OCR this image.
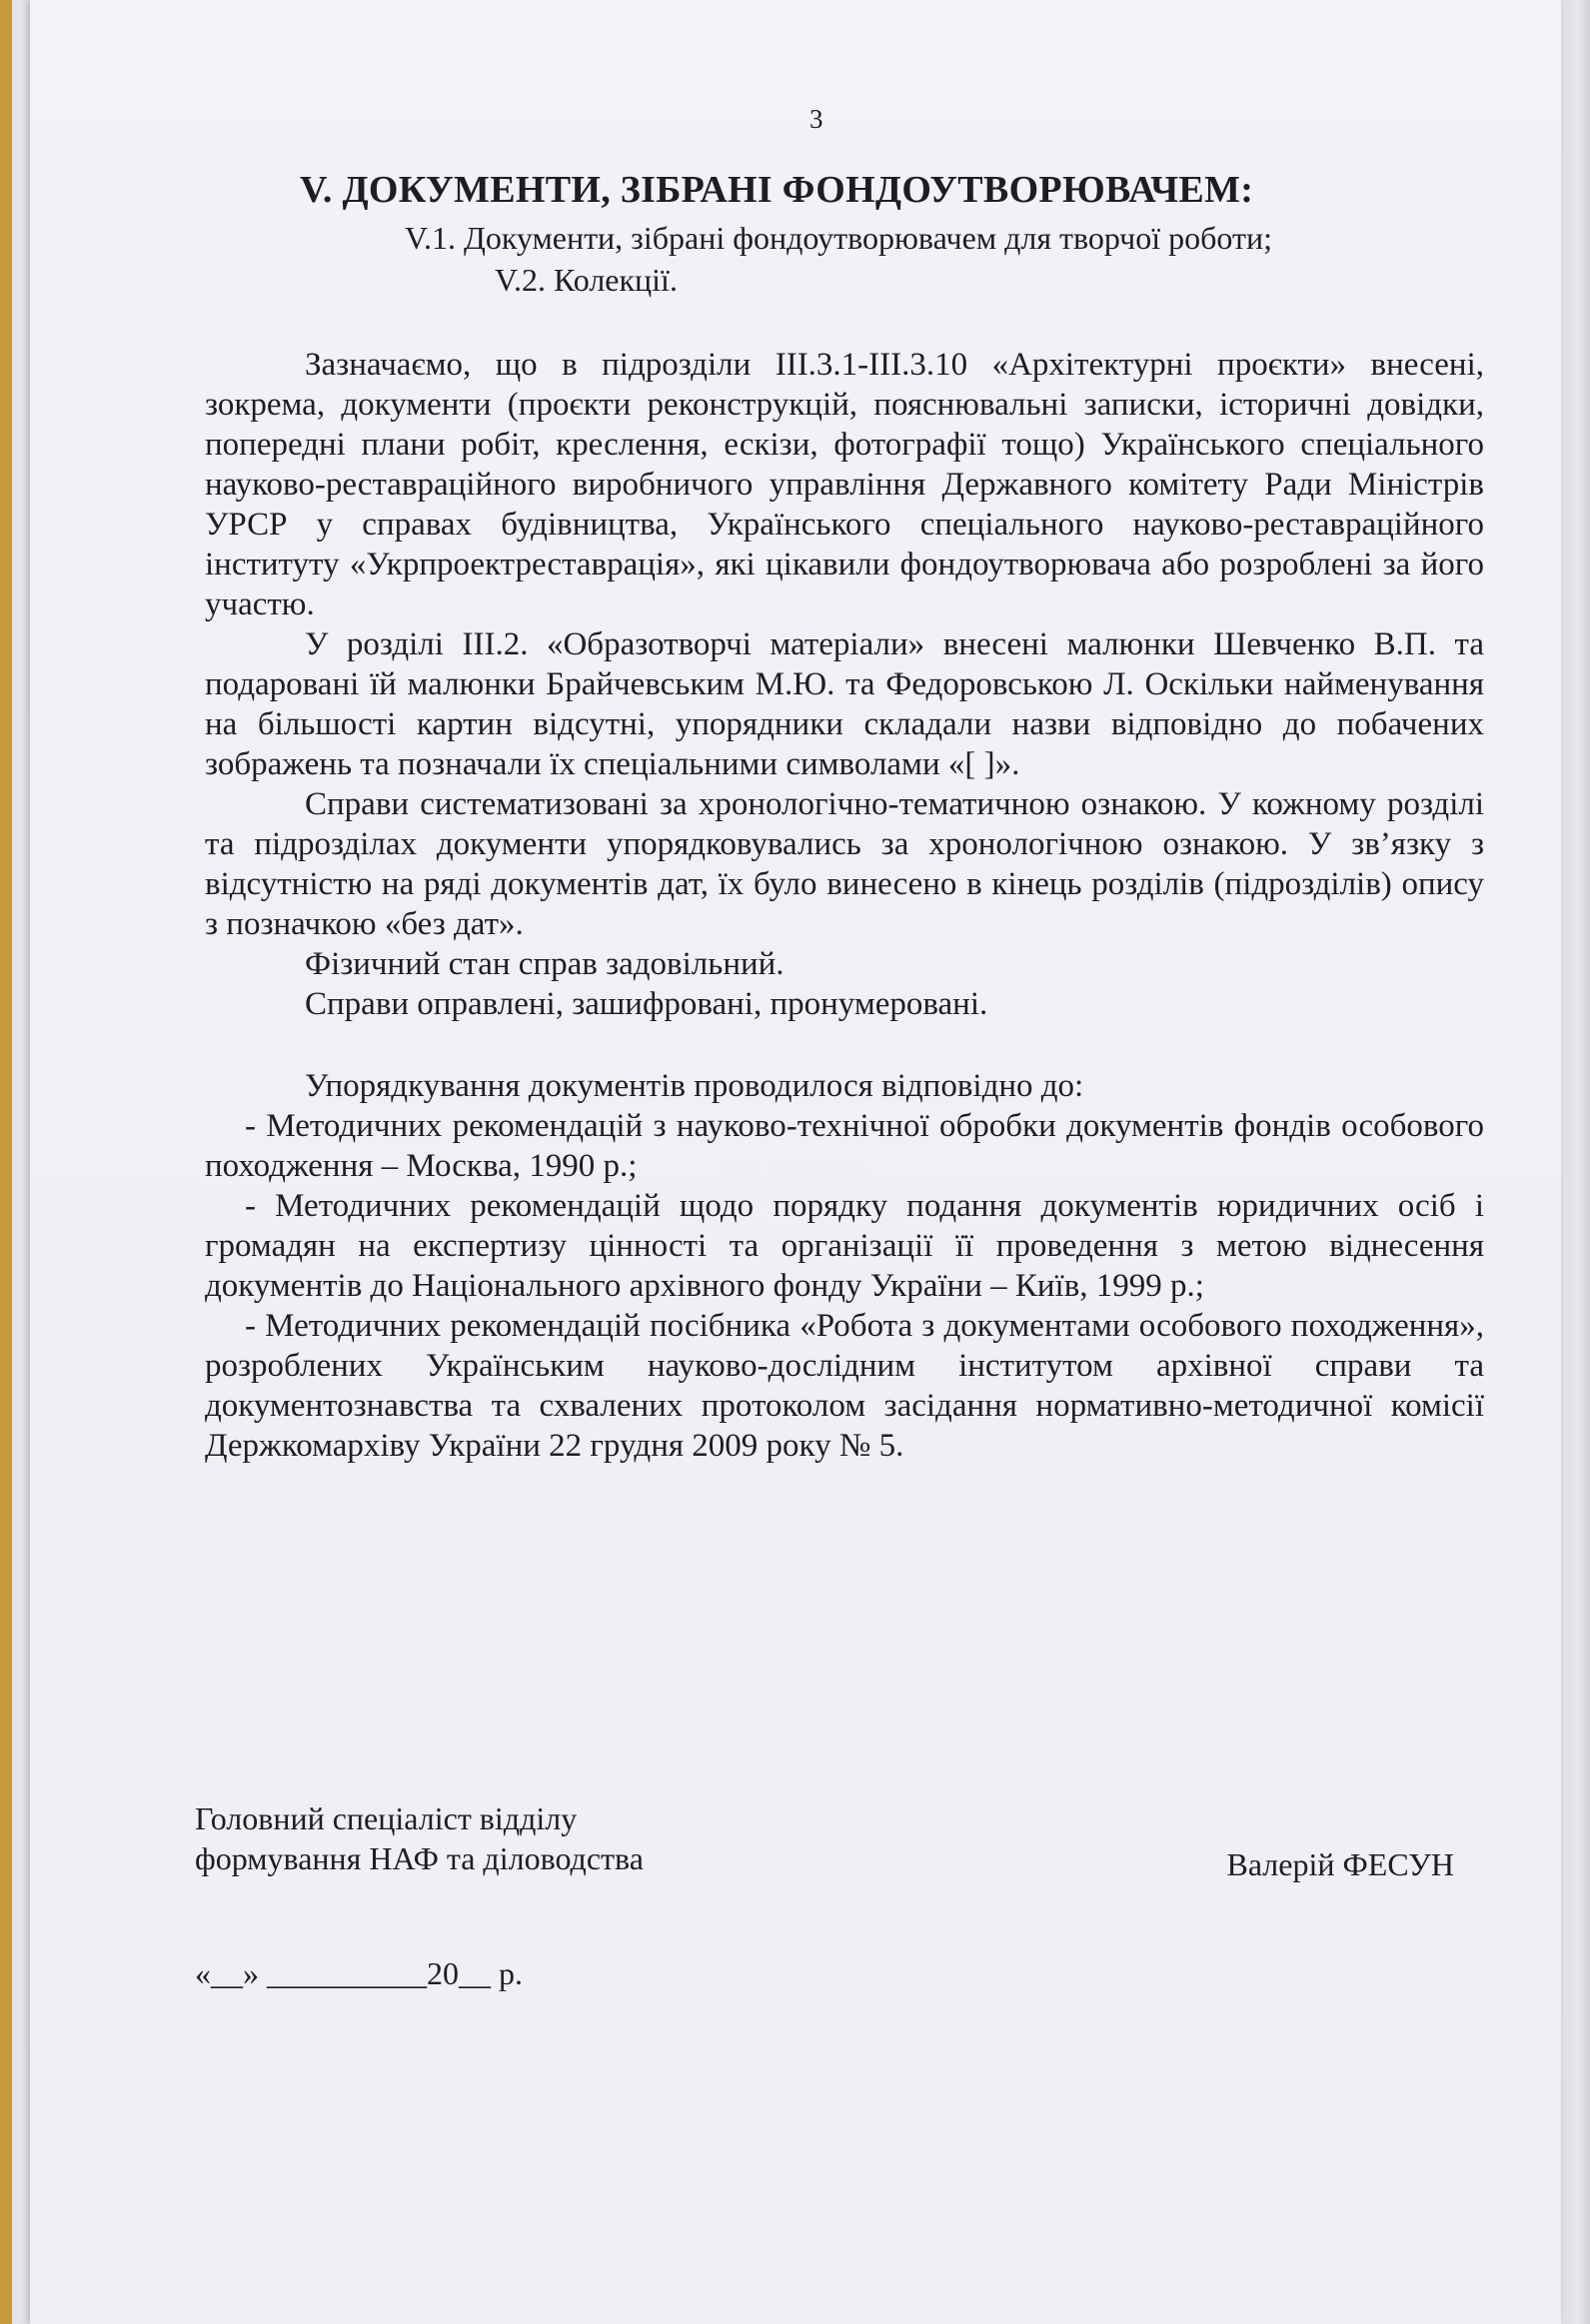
3
V. ДОКУМЕНТИ, ЗІБРАНІ ФОНДОУТВОРЮВАЧЕМ:
V.1. Документи, зібрані фондоутворювачем для творчої роботи;
V.2. Колекції.

Зазначаємо, що в підрозділи ІІІ.3.1-ІІІ.3.10 «Архітектурні проєкти» внесені, зокрема, документи (проєкти реконструкцій, пояснювальні записки, історичні довідки, попередні плани робіт, креслення, ескізи, фотографії тощо) Українського спеціального науково-реставраційного виробничого управління Державного комітету Ради Міністрів УРСР у справах будівництва, Українського спеціального науково-реставраційного інституту «Укрпроектреставрація», які цікавили фондоутворювача або розроблені за його участю.

У розділі ІІІ.2. «Образотворчі матеріали» внесені малюнки Шевченко В.П. та подаровані їй малюнки Брайчевським М.Ю. та Федоровською Л. Оскільки найменування на більшості картин відсутні, упорядники складали назви відповідно до побачених зображень та позначали їх спеціальними символами «[ ]».

Справи систематизовані за хронологічно-тематичною ознакою. У кожному розділі та підрозділах документи упорядковувались за хронологічною ознакою. У зв’язку з відсутністю на ряді документів дат, їх було винесено в кінець розділів (підрозділів) опису з позначкою «без дат».

Фізичний стан справ задовільний.

Справи оправлені, зашифровані, пронумеровані.

Упорядкування документів проводилося відповідно до:

- Методичних рекомендацій з науково-технічної обробки документів фондів особового походження – Москва, 1990 р.;

- Методичних рекомендацій щодо порядку подання документів юридичних осіб і громадян на експертизу цінності та організації її проведення з метою віднесення документів до Національного архівного фонду України – Київ, 1999 р.;

- Методичних рекомендацій посібника «Робота з документами особового походження», розроблених Українським науково-дослідним інститутом архівної справи та документознавства та схвалених протоколом засідання нормативно-методичної комісії Держкомархіву України 22 грудня 2009 року № 5.

Головний спеціаліст відділу
формування НАФ та діловодства	Валерій ФЕСУН
«__» __________20__ р.
